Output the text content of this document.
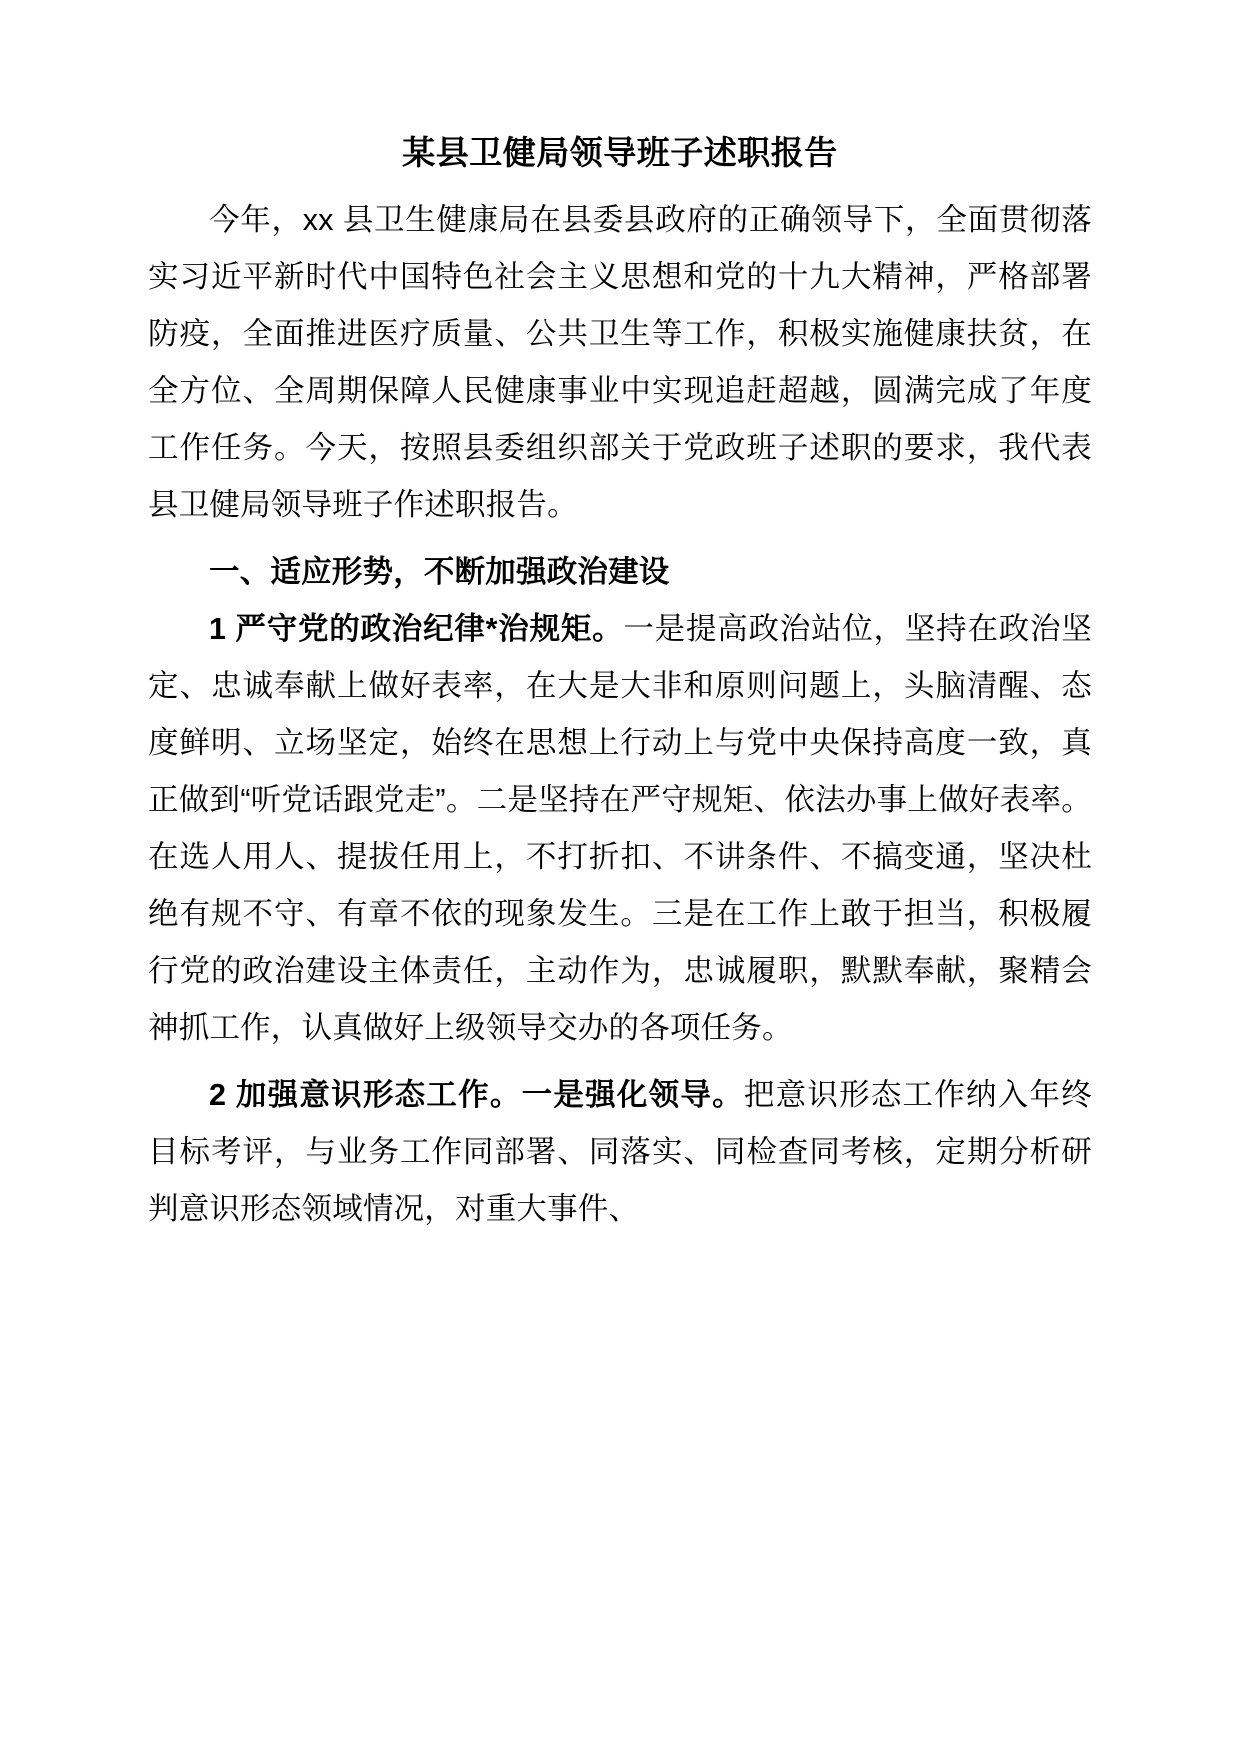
某县卫健局领导班子述职报告

今年，xx 县卫生健康局在县委县政府的正确领导下，全面贯彻落实习近平新时代中国特色社会主义思想和党的十九大精神，严格部署防疫，全面推进医疗质量、公共卫生等工作，积极实施健康扶贫，在全方位、全周期保障人民健康事业中实现追赶超越，圆满完成了年度工作任务。今天，按照县委组织部关于党政班子述职的要求，我代表县卫健局领导班子作述职报告。

一、适应形势，不断加强政治建设

1 严守党的政治纪律*治规矩。一是提高政治站位，坚持在政治坚定、忠诚奉献上做好表率，在大是大非和原则问题上，头脑清醒、态度鲜明、立场坚定，始终在思想上行动上与党中央保持高度一致，真正做到“听党话跟党走”。二是坚持在严守规矩、依法办事上做好表率。在选人用人、提拔任用上，不打折扣、不讲条件、不搞变通，坚决杜绝有规不守、有章不依的现象发生。三是在工作上敢于担当，积极履行党的政治建设主体责任，主动作为，忠诚履职，默默奉献，聚精会神抓工作，认真做好上级领导交办的各项任务。

2 加强意识形态工作。一是强化领导。把意识形态工作纳入年终目标考评，与业务工作同部署、同落实、同检查同考核，定期分析研判意识形态领域情况，对重大事件、
